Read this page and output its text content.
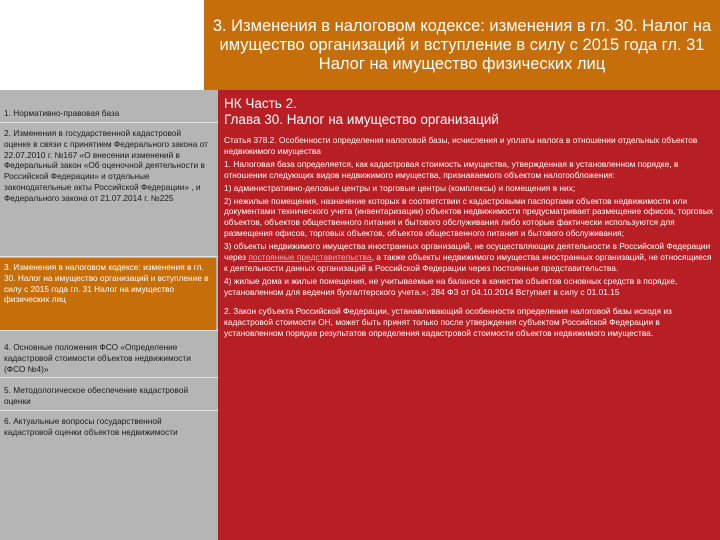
3. Изменения в налоговом кодексе: изменения в гл. 30. Налог на имущество организаций и вступление в силу с 2015 года гл. 31 Налог на имущество физических лиц
1. Нормативно-правовая база
2. Изменения в государственной кадастровой оценке в связи с принятием Федерального закона от 22.07.2010 г. №167 «О внесении изменений в Федеральный закон «Об оценочной деятельности в Российской Федерации» и отдельные законодательные акты Российской Федерации» , и Федерального закона от 21.07.2014 г. №225
3. Изменения в налоговом кодексе: изменения в гл. 30. Налог на имущество организаций и вступление в силу с 2015 года гл. 31 Налог на имущество физических лиц
4. Основные положения ФСО «Определение кадастровой стоимости объектов недвижимости (ФСО №4)»
5. Методологическое обеспечение кадастровой оценки
6. Актуальные вопросы государственной кадастровой оценки объектов недвижимости
НК Часть 2.
Глава 30. Налог на имущество организаций

Статья 378.2. Особенности определения налоговой базы, исчисления и уплаты налога в отношении отдельных объектов недвижимого имущества

1. Налоговая база определяется, как кадастровая стоимость имущества, утвержденная в установленном порядке, в отношении следующих видов недвижимого имущества, признаваемого объектом налогообложения:

1) административно-деловые центры и торговые центры (комплексы) и помещения в них;

2) нежилые помещения, назначение которых в соответствии с кадастровыми паспортами объектов недвижимости или документами технического учета (инвентаризации) объектов недвижимости предусматривает размещение офисов, торговых объектов, объектов общественного питания и бытового обслуживания либо которые фактически используются для размещения офисов, торговых объектов, объектов общественного питания и бытового обслуживания;

3) объекты недвижимого имущества иностранных организаций, не осуществляющих деятельности в Российской Федерации через постоянные представительства, а также объекты недвижимого имущества иностранных организаций, не относящиеся к деятельности данных организаций в Российской Федерации через постоянные представительства.

4) жилые дома и жилые помещения, не учитываемые на балансе в качестве объектов основных средств в порядке, установленном для ведения бухгалтерского учета.»; 284 ФЗ от 04.10.2014 Вступает в силу с 01.01.15

2. Закон субъекта Российской Федерации, устанавливающий особенности определения налоговой базы исходя из кадастровой стоимости ОН, может быть принят только после утверждения субъектом Российской Федерации в установленном порядке результатов определения кадастровой стоимости объектов недвижимого имущества.
